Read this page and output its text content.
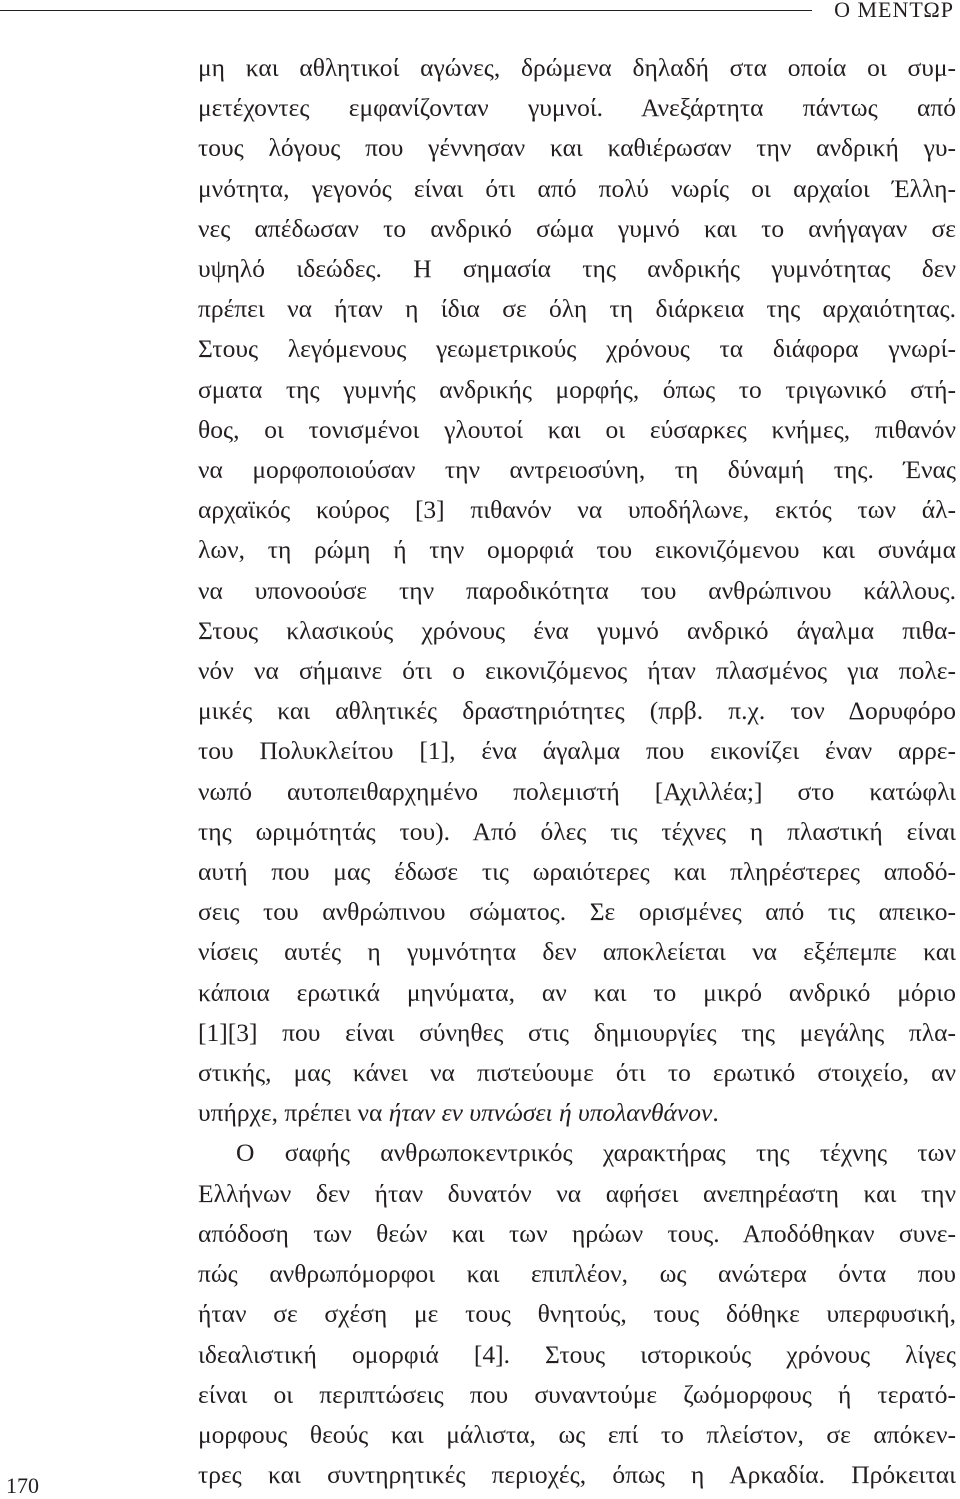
Ο ΜΕΝΤΩΡ
μη και αθλητικοί αγώνες, δρώμενα δηλαδή στα οποία οι συμ-
μετέχοντες εμφανίζονταν γυμνοί. Ανεξάρτητα πάντως από
τους λόγους που γέννησαν και καθιέρωσαν την ανδρική γυ-
μνότητα, γεγονός είναι ότι από πολύ νωρίς οι αρχαίοι Έλλη-
νες απέδωσαν το ανδρικό σώμα γυμνό και το ανήγαγαν σε
υψηλό ιδεώδες. Η σημασία της ανδρικής γυμνότητας δεν
πρέπει να ήταν η ίδια σε όλη τη διάρκεια της αρχαιότητας.
Στους λεγόμενους γεωμετρικούς χρόνους τα διάφορα γνωρί-
σματα της γυμνής ανδρικής μορφής, όπως το τριγωνικό στή-
θος, οι τονισμένοι γλουτοί και οι εύσαρκες κνήμες, πιθανόν
να μορφοποιούσαν την αντρειοσύνη, τη δύναμή της. Ένας
αρχαϊκός κούρος [3] πιθανόν να υποδήλωνε, εκτός των άλ-
λων, τη ρώμη ή την ομορφιά του εικονιζόμενου και συνάμα
να υπονοούσε την παροδικότητα του ανθρώπινου κάλλους.
Στους κλασικούς χρόνους ένα γυμνό ανδρικό άγαλμα πιθα-
νόν να σήμαινε ότι ο εικονιζόμενος ήταν πλασμένος για πολε-
μικές και αθλητικές δραστηριότητες (πρβ. π.χ. τον Δορυφόρο
του Πολυκλείτου [1], ένα άγαλμα που εικονίζει έναν αρρε-
νωπό αυτοπειθαρχημένο πολεμιστή [Αχιλλέα;] στο κατώφλι
της ωριμότητάς του). Από όλες τις τέχνες η πλαστική είναι
αυτή που μας έδωσε τις ωραιότερες και πληρέστερες αποδό-
σεις του ανθρώπινου σώματος. Σε ορισμένες από τις απεικο-
νίσεις αυτές η γυμνότητα δεν αποκλείεται να εξέπεμπε και
κάποια ερωτικά μηνύματα, αν και το μικρό ανδρικό μόριο
[1][3] που είναι σύνηθες στις δημιουργίες της μεγάλης πλα-
στικής, μας κάνει να πιστεύουμε ότι το ερωτικό στοιχείο, αν
υπήρχε, πρέπει να ήταν εν υπνώσει ή υπολανθάνον.
Ο σαφής ανθρωποκεντρικός χαρακτήρας της τέχνης των
Ελλήνων δεν ήταν δυνατόν να αφήσει ανεπηρέαστη και την
απόδοση των θεών και των ηρώων τους. Αποδόθηκαν συνε-
πώς ανθρωπόμορφοι και επιπλέον, ως ανώτερα όντα που
ήταν σε σχέση με τους θνητούς, τους δόθηκε υπερφυσική,
ιδεαλιστική ομορφιά [4]. Στους ιστορικούς χρόνους λίγες
είναι οι περιπτώσεις που συναντούμε ζωόμορφους ή τερατό-
μορφους θεούς και μάλιστα, ως επί το πλείστον, σε απόκεν-
τρες και συντηρητικές περιοχές, όπως η Αρκαδία. Πρόκειται
170
